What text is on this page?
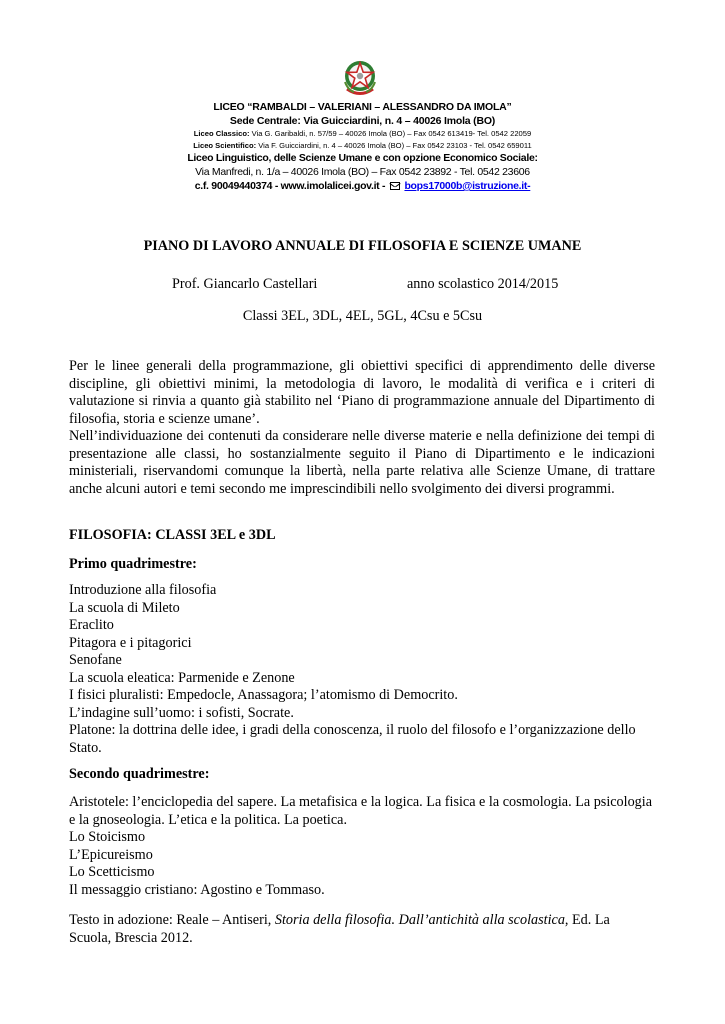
LICEO “RAMBALDI – VALERIANI – ALESSANDRO DA IMOLA”
Sede Centrale: Via Guicciardini, n. 4 – 40026 Imola (BO)
Liceo Classico: Via G. Garibaldi, n. 57/59 – 40026 Imola (BO) – Fax 0542 613419- Tel. 0542 22059
Liceo Scientifico: Via F. Guicciardini, n. 4 – 40026 Imola (BO) – Fax 0542 23103 - Tel. 0542 659011
Liceo Linguistico, delle Scienze Umane e con opzione Economico Sociale:
Via Manfredi, n. 1/a – 40026 Imola (BO) – Fax 0542 23892 - Tel. 0542 23606
c.f. 90049440374 - www.imolalicei.gov.it -  bops17000b@istruzione.it-
PIANO DI LAVORO ANNUALE DI FILOSOFIA E SCIENZE UMANE
Prof. Giancarlo Castellari	anno scolastico 2014/2015
Classi 3EL, 3DL, 4EL, 5GL, 4Csu e 5Csu

Per le linee generali della programmazione, gli obiettivi specifici di apprendimento delle diverse discipline, gli obiettivi minimi, la metodologia di lavoro, le modalità di verifica e i criteri di valutazione si rinvia a quanto già stabilito nel ‘Piano di programmazione annuale del Dipartimento di filosofia, storia e scienze umane’.

Nell’individuazione dei contenuti da considerare nelle diverse materie e nella definizione dei tempi di presentazione alle classi, ho sostanzialmente seguito il Piano di Dipartimento e le indicazioni ministeriali, riservandomi comunque la libertà, nella parte relativa alle Scienze Umane, di trattare anche alcuni autori e temi secondo me imprescindibili nello svolgimento dei diversi programmi.

FILOSOFIA: CLASSI 3EL e 3DL
Primo quadrimestre:
Introduzione alla filosofia
La scuola di Mileto
Eraclito
Pitagora e i pitagorici
Senofane
La scuola eleatica: Parmenide e Zenone
I fisici pluralisti: Empedocle, Anassagora; l’atomismo di Democrito.
L’indagine sull’uomo: i sofisti, Socrate.
Platone: la dottrina delle idee, i gradi della conoscenza, il ruolo del filosofo e l’organizzazione dello Stato.
Secondo quadrimestre:
Aristotele: l’enciclopedia del sapere. La metafisica e la logica. La fisica e la cosmologia. La psicologia e la gnoseologia. L’etica e la politica. La poetica.
Lo Stoicismo
L’Epicureismo
Lo Scetticismo
Il messaggio cristiano: Agostino e Tommaso.
Testo in adozione: Reale – Antiseri, Storia della filosofia. Dall’antichità alla scolastica, Ed. La Scuola, Brescia 2012.
